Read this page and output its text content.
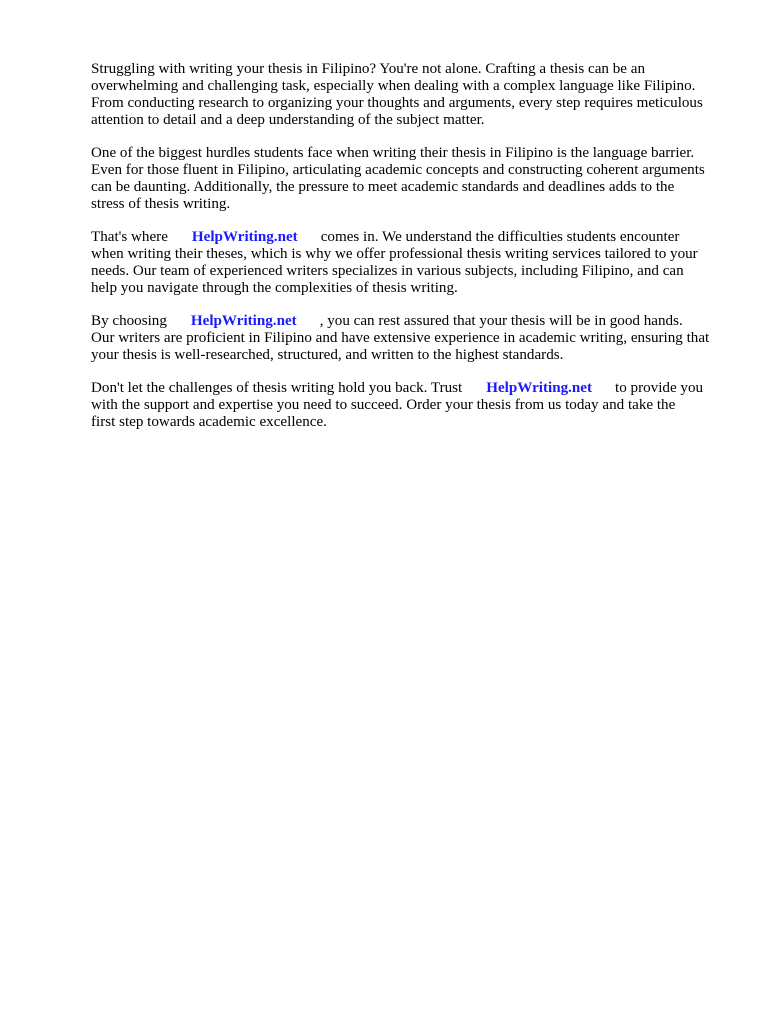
Struggling with writing your thesis in Filipino? You're not alone. Crafting a thesis can be an
overwhelming and challenging task, especially when dealing with a complex language like Filipino.
From conducting research to organizing your thoughts and arguments, every step requires meticulous
attention to detail and a deep understanding of the subject matter.
One of the biggest hurdles students face when writing their thesis in Filipino is the language barrier.
Even for those fluent in Filipino, articulating academic concepts and constructing coherent arguments
can be daunting. Additionally, the pressure to meet academic standards and deadlines adds to the
stress of thesis writing.
That's where HelpWriting.net comes in. We understand the difficulties students encounter
when writing their theses, which is why we offer professional thesis writing services tailored to your
needs. Our team of experienced writers specializes in various subjects, including Filipino, and can
help you navigate through the complexities of thesis writing.
By choosing HelpWriting.net , you can rest assured that your thesis will be in good hands.
Our writers are proficient in Filipino and have extensive experience in academic writing, ensuring that
your thesis is well-researched, structured, and written to the highest standards.
Don't let the challenges of thesis writing hold you back. Trust HelpWriting.net to provide you
with the support and expertise you need to succeed. Order your thesis from us today and take the
first step towards academic excellence.
